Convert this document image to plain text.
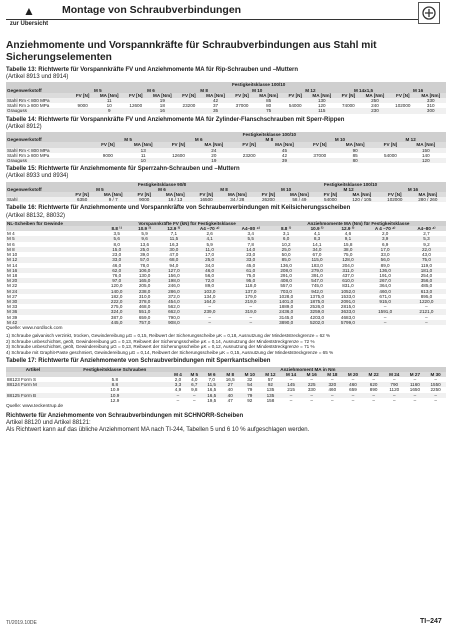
▲
zur Übersicht
Montage von Schraubverbindungen
Anziehmomente und Vorspannkräfte für Schraubverbindungen aus Stahl mit Sicherungselementen
Tabelle 13: Richtwerte für Vorspannkräfte FV und Anziehmomente MA für Rip-Schrauben und –Muttern
(Artikel 8913 und 8914)
	Festigkeitsklasse 100/10													
Gegenwerkstoff	M 5		M 6		M 8		M 10		M 12		M 14x1,5		M 16	
	FV [N]	MA [Nm]	FV [N]	MA [Nm]	FV [N]	MA [Nm]	FV [N]	MA [Nm]	FV [N]	MA [Nm]	FV [N]	MA [Nm]	FV [N]	MA [Nm]
Stahl Rm < 800 MPa		11		19		42		85		130		250		330
Stahl Rm ≥ 800 MPa	9000	10	12600	18	23200	37	37000	80	54000	120	74000	240	102000	310
Grauguss		9		16		35		75		115		230		300
Tabelle 14: Richtwerte für Vorspannkräfte FV und Anziehmomente MA für Zylinder-Flanschschrauben mit Sperr-Rippen
(Artikel 8912)
	Festigkeitsklasse 100/10									
Gegenwerkstoff	M 5		M 6		M 8		M 10		M 12	
	FV [N]	MA [Nm]	FV [N]	MA [Nm]	FV [N]	MA [Nm]	FV [N]	MA [Nm]	FV [N]	MA [Nm]
Stahl Rm < 800 MPa		13		24		45		90		150
Stahl Rm ≥ 800 MPa	9000	11	12600	20	23200	42	37000	85	54000	140
Grauguss		10		19		39		80		120
Tabelle 15: Richtwerte für Anziehmomente für Sperrzahn-Schrauben und –Muttern
(Artikel 8933 und 8934)
	Festigkeitsklasse 90/8						Festigkeitsklasse 100/10					
Gegenwerkstoff	M 5		M 6		M 8		M 10		M 12		M 16	
	FV [N]	MA [Nm]	FV [N]	MA [Nm]	FV [N]	MA [Nm]	FV [N]	MA [Nm]	FV [N]	MA [Nm]	FV [N]	MA [Nm]
Stahl	6350	9 / 7	9000	16 / 13	16500	34 / 28	26200	58 / 49	54000	120 / 105	102000	280 / 260
Tabelle 16: Richtwerte für Anziehmomente und Vorspannkräfte von Schraubenverbindungen mit Keilsicherungsscheiben
(Artikel 88132, 88032)
NL-Scheiben für Gewinde	Vorspannkräfte FV (kN) für Festigkeitsklasse					Anziehmomente MA (Nm) für Festigkeitsklasse				
	8.8 ¹⁾	10.9 ²⁾	12.9 ³⁾	A4 –70 ⁴⁾	A4–80 ⁴⁾	8.8 ¹⁾	10.9 ²⁾	12.9 ³⁾	A 4 –70 ⁴⁾	A4–80 ⁴⁾
M 4	3,5	5,9	7,1	2,6	3,4	3,1	4,1	4,6	2,0	2,7
M 5	5,6	9,6	11,5	4,1	5,5	6,0	8,3	9,1	3,9	5,3
M 6	8,0	13,6	16,3	5,9	7,8	10,2	14,1	15,8	6,9	9,2
M 8	15,0	25,0	30,0	11,0	14,0	25,0	34,0	38,0	17,0	22,0
M 10	23,0	39,0	47,0	17,0	23,0	50,0	67,0	75,0	33,0	43,0
M 12	33,0	57,0	68,0	25,0	33,0	85,0	115,0	128,0	56,0	75,0
M 14	46,0	78,0	94,0	34,0	45,0	136,0	183,0	204,0	89,0	119,0
M 16	62,0	106,0	127,0	46,0	61,0	208,0	279,0	311,0	136,0	181,0
M 18	76,0	130,0	156,0	56,0	75,0	291,0	391,0	437,0	191,0	254,0
M 20	97,0	165,0	198,0	72,0	95,0	408,0	547,0	610,0	267,0	356,0
M 22	120,0	205,0	246,0	89,0	118,0	557,0	745,0	831,0	364,0	485,0
M 24	140,0	238,0	286,0	103,0	137,0	703,0	942,0	1052,0	460,0	613,0
M 27	182,0	310,0	372,0	134,0	179,0	1028,0	1375,0	1533,0	671,0	895,0
M 30	222,0	378,0	454,0	164,0	219,0	1401,0	1875,0	2091,0	915,0	1220,0
M 33	275,0	468,0	562,0	–	–	1889,0	2526,0	2815,0	–	–
M 36	324,0	551,0	662,0	239,0	319,0	2436,0	3259,0	3633,0	1591,0	2121,0
M 39	387,0	659,0	790,0	–	–	3145,0	4203,0	4683,0	–	–
M 42	445,0	757,0	908,0	–	–	3890,0	5202,0	5799,0	–	–
Quelle: www.nordlock.com
1) Schraube galvanisch verzinkt, trocken, Gewindereibung µG = 0,15, Reibwert der Sicherungsscheibe µK = 0,18, Ausnutzung der Mindeststreckgrenze = 62 %
2) Schraube unbeschichtet, geölt, Gewindereibung µG = 0,13, Reibwert der Sicherungsscheibe µK = 0,14, Ausnutzung der Mindeststreckgrenze = 72 %
3) Schraube unbeschichtet, geölt, Gewindereibung µG = 0,13, Reibwert der Sicherungsscheibe µK = 0,12, Ausnutzung der Mindeststreckgrenze = 71 %
4) Schraube mit Graphit-Paste geschmiert, Gewindereibung µG = 0,14, Reibwert der Sicherungsscheibe µK = 0,15, Ausnutzung der Mindeststreckgrenze = 65 %
Tabelle 17: Richtwerte für Anziehmomente von Schraubverbindungen mit Sperrkantscheiben
Artikel	Festigkeitsklasse Schrauben	Anziehmoment MA in Nm													
		M 4	M 5	M 6	M 8	M 10	M 12	M 14	M 16	M 18	M 20	M 22	M 24	M 27	M 30
88123 Form S	5.8	2,0	4,0	7,0	16,5	32	57	–	–	–	–	–	–	–	–
88124 Form M	8.8	3,3	6,7	11,5	27	54	92	145	225	320	460	620	790	1160	1550
	10.9	4,9	9,8	16,5	40	79	135	215	330	460	659	890	1120	1650	2250
88125 Form B	10.9	–	–	16,5	40	79	135	–	–	–	–	–	–	–	–
	12.9	–	–	19,5	47	92	158	–	–	–	–	–	–	–	–
Quelle: www.teckentrup.de
Richtwerte für Anziehmomente von Schraubverbindungen mit SCHNORR-Scheiben
Artikel 88120 und Artikel 88121:
Als Richtwert kann auf das übliche Anziehmoment MA nach TI-244, Tabellen 5 und 6 10 % aufgeschlagen werden.
TI/2019.10DE	TI–247
